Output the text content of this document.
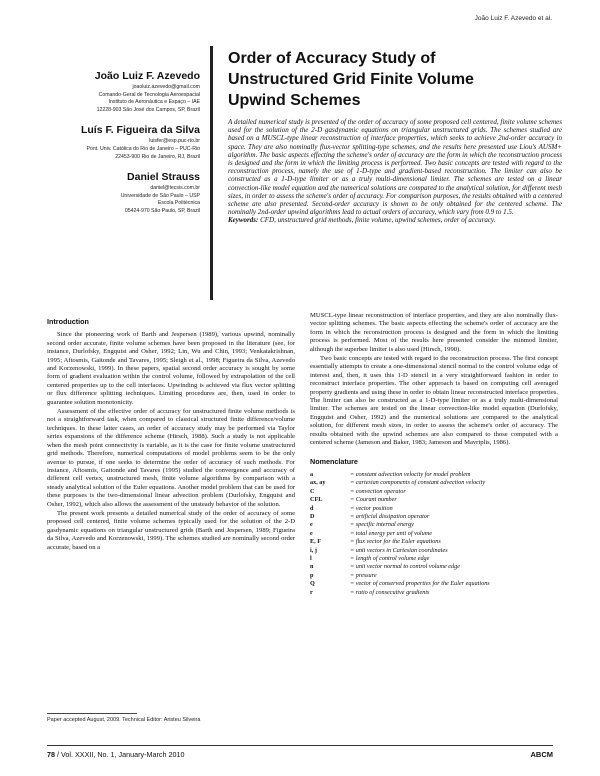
João Luiz F. Azevedo et al.
João Luiz F. Azevedo
joaoluiz.azevedo@gmail.com
Comando-Geral de Tecnologia Aeroespacial
Instituto de Aeronáutica e Espaço – IAE
12228-903 São José dos Campos, SP, Brazil
Luís F. Figueira da Silva
luisfer@esp.puc-rio.br
Pont. Univ. Católica do Rio de Janeiro – PUC-Rio
22453-900 Rio de Janeiro, RJ, Brazil
Daniel Strauss
daniel@tecsis.com.br
Universidade de São Paulo – USP
Escola Politécnica
05424-970 São Paulo, SP, Brazil
Order of Accuracy Study of
Unstructured Grid Finite Volume
Upwind Schemes
A detailed numerical study is presented of the order of accuracy of some proposed cell centered, finite volume schemes used for the solution of the 2-D gasdynamic equations on triangular unstructured grids. The schemes studied are based on a MUSCL-type linear reconstruction of interface properties, which seeks to achieve 2nd-order accuracy in space. They are also nominally flux-vector splitting-type schemes, and the results here presented use Liou's AUSM+ algorithm. The basic aspects effecting the scheme's order of accuracy are the form in which the reconstruction process is designed and the form in which the limiting process is performed. Two basic concepts are tested with regard to the reconstruction process, namely the use of 1-D-type and gradient-based reconstruction. The limiter can also be constructed as a 1-D-type limiter or as a truly multi-dimensional limiter. The schemes are tested on a linear convection-like model equation and the numerical solutions are compared to the analytical solution, for different mesh sizes, in order to assess the scheme's order of accuracy. For comparison purposes, the results obtained with a centered scheme are also presented. Second-order accuracy is shown to be only obtained for the centered scheme. The nominally 2nd-order upwind algorithms lead to actual orders of accuracy, which vary from 0.9 to 1.5.
Keywords: CFD, unstructured grid methods, finite volume, upwind schemes, order of accuracy.
Introduction

Since the pioneering work of Barth and Jespersen (1989), various upwind, nominally second order accurate, finite volume schemes have been proposed in the literature (see, for instance, Durlofsky, Engquist and Osher, 1992; Lin, Wu and Chin, 1993; Venkatakrishnan, 1995; Aftosmis, Gaitonde and Tavares, 1995; Sleigh et al., 1998; Figueira da Silva, Azevedo and Korzenowski, 1999). In these papers, spatial second order accuracy is sought by some form of gradient evaluation within the control volume, followed by extrapolation of the cell centered properties up to the cell interfaces. Upwinding is achieved via flux vector splitting or flux difference splitting techniques. Limiting procedures are, then, used in order to guarantee solution monotonicity.

Assessment of the effective order of accuracy for unstructured finite volume methods is not a straightforward task, when compared to classical structured finite difference/volume techniques. In these latter cases, an order of accuracy study may be performed via Taylor series expansions of the difference scheme (Hirsch, 1988). Such a study is not applicable when the mesh point connectivity is variable, as it is the case for finite volume unstructured grid methods. Therefore, numerical computations of model problems seem to be the only avenue to pursue, if one seeks to determine the order of accuracy of such methods. For instance, Aftosmis, Gaitonde and Tavares (1995) studied the convergence and accuracy of different cell vertex, unstructured mesh, finite volume algorithms by comparison with a steady analytical solution of the Euler equations. Another model problem that can be used for these purposes is the two-dimensional linear advection problem (Durlofsky, Engquist and Osher, 1992), which also allows the assessment of the unsteady behavior of the solution.

The present work presents a detailed numerical study of the order of accuracy of some proposed cell centered, finite volume schemes typically used for the solution of the 2-D gasdynamic equations on triangular unstructured grids (Barth and Jespersen, 1989; Figueira da Silva, Azevedo and Korzenowski, 1999). The schemes studied are nominally second order accurate, based on a

MUSCL-type linear reconstruction of interface properties, and they are also nominally flux-vector splitting schemes. The basic aspects effecting the scheme's order of accuracy are the form in which the reconstruction process is designed and the form in which the limiting process is performed. Most of the results here presented consider the minmod limiter, although the superbee limiter is also used (Hirsch, 1990).

Two basic concepts are tested with regard to the reconstruction process. The first concept essentially attempts to create a one-dimensional stencil normal to the control volume edge of interest and, then, it uses this 1-D stencil in a very straightforward fashion in order to reconstruct interface properties. The other approach is based on computing cell averaged property gradients and using these in order to obtain linear reconstructed interface properties. The limiter can also be constructed as a 1-D-type limiter or as a truly multi-dimensional limiter. The schemes are tested on the linear convection-like model equation (Durlofsky, Engquist and Osher, 1992) and the numerical solutions are compared to the analytical solution, for different mesh sizes, in order to assess the scheme's order of accuracy. The results obtained with the upwind schemes are also compared to those computed with a centered scheme (Jameson and Baker, 1983; Jameson and Mavriplis, 1986).

Nomenclature
a	= constant advection velocity for model problem
ax, ay	= cartesian components of constant advection velocity
C	= convection operator
CFL	= Courant number
d	= vector position
D	= artificial dissipation operator
e	= specific internal energy
e	= total energy per unit of volume
E, F	= flux vector for the Euler equations
i, j	= unit vectors in Cartesian coordinates
l	= length of control volume edge
n	= unit vector normal to control volume edge
p	= pressure
Q	= vector of conserved properties for the Euler equations
r	= ratio of consecutive gradients
Paper accepted August, 2009. Technical Editor: Aristeu Silveira
78 / Vol. XXXII, No. 1, January-March 2010	ABCM
